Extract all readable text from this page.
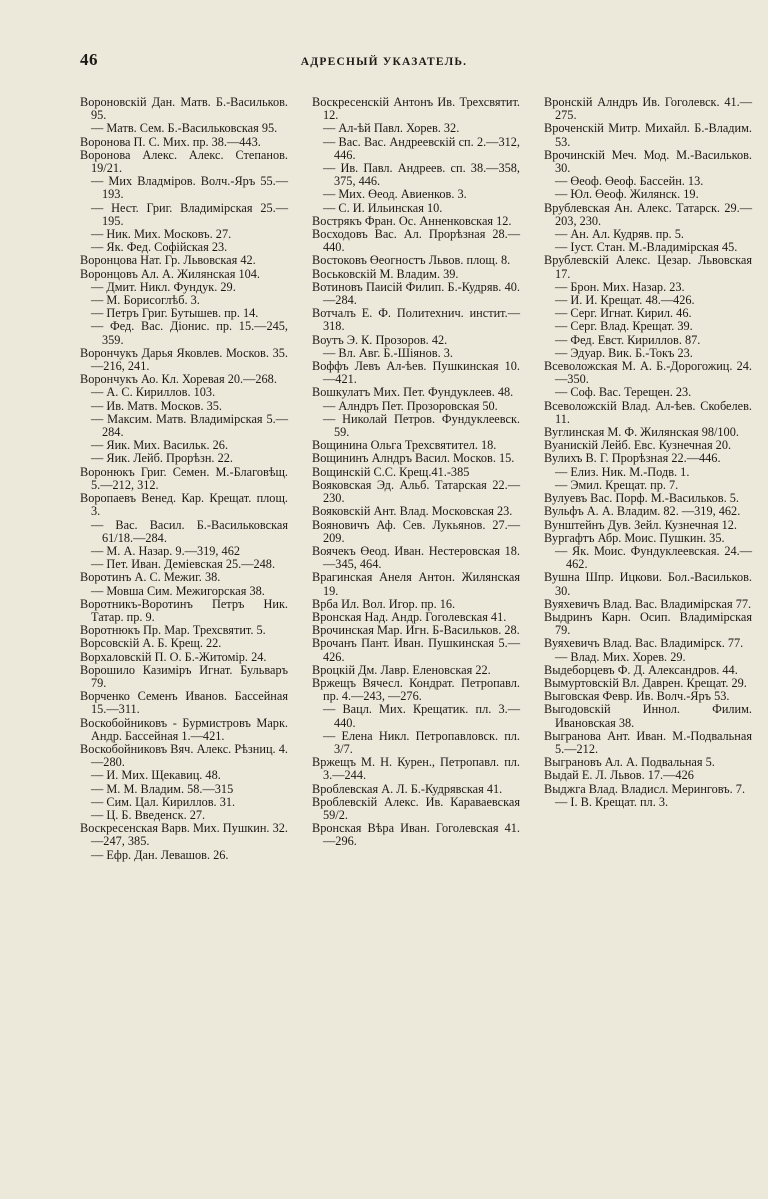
46	АДРЕСНЫЙ УКАЗАТЕЛЬ.

Вороновскій Дан. Матв. Б.-Васильков. 95.

— Матв. Сем. Б.-Васильковская 95.

Воронова П. С. Мих. пр. 38.—443.

Воронова Алекс. Алекс. Степанов. 19/21.

— Мих Владміров. Волч.-Яръ 55.—193.

— Нест. Григ. Владимірская 25.—195.

— Ник. Мих. Московъ. 27.

— Як. Фед. Софійская 23.

Воронцова Нат. Гр. Львовская 42.

Воронцовъ Ал. А. Жилянская 104.

— Дмит. Никл. Фундук. 29.

— М. Борисоглѣб. 3.

— Петръ Григ. Бутышев. пр. 14.

— Фед. Вас. Діонис. пр. 15.—245, 359.

Ворончукъ Дарья Яковлев. Москов. 35.—216, 241.

Ворончукъ Ао. Кл. Хоревая 20.—268.

— А. С. Кириллов. 103.

— Ив. Матв. Москов. 35.

— Максим. Матв. Владимірская 5.—284.

— Яик. Мих. Васильк. 26.

— Яик. Лейб. Прорѣзн. 22.

Воронюкъ Григ. Семен. М.-Благовѣщ. 5.—212, 312.

Воропаевъ Венед. Кар. Крещат. площ. 3.

— Вас. Васил. Б.-Васильковская 61/18.—284.

— М. А. Назар. 9.—319, 462

— Пет. Иван. Деміевская 25.—248.

Воротинъ А. С. Межиг. 38.

— Мовша Сим. Межигорская 38.

Воротникъ-Воротинъ Петръ Ник. Татар. пр. 9.

Воротнюкъ Пр. Мар. Трехсвятит. 5.

Ворсовскій А. Б. Крещ. 22.

Ворхаловскій П. О. Б.-Житомір. 24.

Ворошило Казиміръ Игнат. Бульваръ 79.

Ворченко Семенъ Иванов. Бассейная 15.—311.

Воскобойниковъ - Бурмистровъ Марк. Андр. Бассейная 1.—421.

Воскобойниковъ Вяч. Алекс. Рѣзниц. 4.—280.

— И. Мих. Щекавиц. 48.

— М. М. Владим. 58.—315

— Сим. Цал. Кириллов. 31.

— Ц. Б. Введенск. 27.

Воскресенская Варв. Мих. Пушкин. 32.—247, 385.

— Ефр. Дан. Левашов. 26.

Воскресенскій Антонъ Ив. Трехсвятит. 12.

— Ал-ѣй Павл. Хорев. 32.

— Вас. Вас. Андреевскій сп. 2.—312, 446.

— Ив. Павл. Андреев. сп. 38.—358, 375, 446.

— Мих. Өеод. Авиенков. 3.

— С. И. Ильинская 10.

Вострякъ Фран. Ос. Анненковская 12.

Восходовъ Вас. Ал. Прорѣзная 28.—440.

Востоковъ Өеогностъ Львов. площ. 8.

Воськовскій М. Владим. 39.

Вотиновъ Паисій Филип. Б.-Кудряв. 40.—284.

Вотчалъ Е. Ф. Политехнич. инстит.—318.

Воутъ Э. К. Прозоров. 42.

— Вл. Авг. Б.-Шіянов. 3.

Воффъ Левъ Ал-ѣев. Пушкинская 10.—421.

Вошкулатъ Мих. Пет. Фундуклеев. 48.

— Алндръ Пет. Прозоровская 50.

— Николай Петров. Фундуклеевск. 59.

Вощинина Ольга Трехсвятител. 18.

Вощининъ Алндръ Васил. Москов. 15.

Вощинскій С.С. Крещ.41.-385

Вояковская Эд. Альб. Татарская 22.—230.

Вояковскій Ант. Влад. Московская 23.

Вояновичъ Аф. Сев. Лукьянов. 27.—209.

Воячекъ Өеод. Иван. Нестеровская 18.—345, 464.

Врагинская Анеля Антон. Жилянская 19.

Врба Ил. Вол. Игор. пр. 16.

Вронская Над. Андр. Гоголевская 41.

Врочинская Мар. Игн. Б-Васильков. 28.

Врочанъ Пант. Иван. Пушкинская 5.—426.

Вроцкій Дм. Лавр. Еленовская 22.

Вржещъ Вячесл. Кондрат. Петропавл. пр. 4.—243, —276.

— Вацл. Мих. Крещатик. пл. 3.—440.

— Елена Никл. Петропавловск. пл. 3/7.

Вржещъ М. Н. Курен., Петропавл. пл. 3.—244.

Вроблевская А. Л. Б.-Кудрявская 41.

Вроблевскій Алекс. Ив. Караваевская 59/2.

Вронская Вѣра Иван. Гоголевская 41.—296.

Вронскій Алндръ Ив. Гоголевск. 41.—275.

Вроченскій Митр. Михайл. Б.-Владим. 53.

Врочинскій Меч. Мод. М.-Васильков. 30.

— Өеоф. Өеоф. Бассейн. 13.

— Юл. Өеоф. Жилянск. 19.

Врублевская Ан. Алекс. Татарск. 29.—203, 230.

— Ан. Ал. Кудряв. пр. 5.

— Іуст. Стан. М.-Владимірская 45.

Врублевскій Алекс. Цезар. Львовская 17.

— Брон. Мих. Назар. 23.

— И. И. Крещат. 48.—426.

— Серг. Игнат. Кирил. 46.

— Серг. Влад. Крещат. 39.

— Фед. Евст. Кириллов. 87.

— Эдуар. Вик. Б.-Токъ 23.

Всеволожская М. А. Б.-Дорогожиц. 24.—350.

— Соф. Вас. Терещен. 23.

Всеволожскій Влад. Ал-ѣев. Скобелев. 11.

Вуглинская М. Ф. Жилянская 98/100.

Вуанискій Лейб. Евс. Кузнечная 20.

Вулихъ В. Г. Прорѣзная 22.—446.

— Елиз. Ник. М.-Подв. 1.

— Эмил. Крещат. пр. 7.

Вулуевъ Вас. Порф. М.-Васильков. 5.

Вульфъ А. А. Владим. 82. —319, 462.

Вунштейнъ Дув. Зейл. Кузнечная 12.

Вургафтъ Абр. Моис. Пушкин. 35.

— Як. Моис. Фундуклеевская. 24.—462.

Вушна Шпр. Ицкови. Бол.-Васильков. 30.

Вуяхевичъ Влад. Вас. Владимірская 77.

Выдринъ Карн. Осип. Владимірская 79.

Вуяхевичъ Влад. Вас. Владимірск. 77.

— Влад. Мих. Хорев. 29.

Выдеборцевъ Ф. Д. Александров. 44.

Вымуртовскій Вл. Даврен. Крещат. 29.

Выговская Февр. Ив. Волч.-Яръ 53.

Выгодовскій Иннол. Филим. Ивановская 38.

Выгранова Ант. Иван. М.-Подвальная 5.—212.

Выграновъ Ал. А. Подвальная 5.

Выдай Е. Л. Львов. 17.—426

Выджга Влад. Владисл. Меринговъ. 7.

— І. В. Крещат. пл. 3.
